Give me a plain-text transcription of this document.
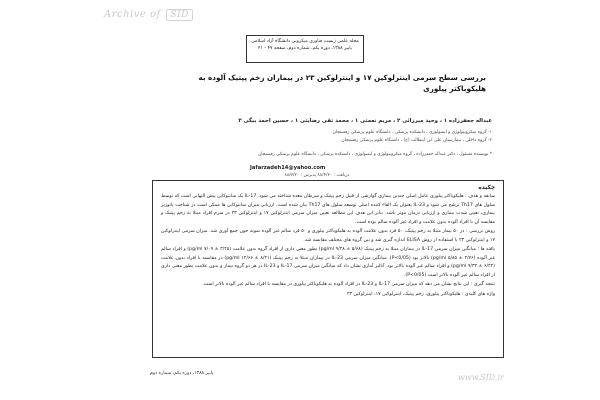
Archive of SID
مجله علمی زیست فناوری میکروبی دانشگاه آزاد اسلامی
پاییز ۱۳۸۸، دوره یکم، شماره دوم، صفحه ۴۷ - ۴۱
بررسی سطح سرمی اینترلوکین ۱۷ و اینترلوکین ۲۳ در بیماران زخم پپتیک آلوده به هلیکوباکتر پیلوری
عبداله جعفرزاده ۱ ، وحید میرزائی ۲ ، مریم نعمتی ۱ ، محمد تقی رضایتی ۱ ، حسین احمد بیگی ۲
۱- گروه میکروبیولوژی و ایمنولوژی ، دانشکده پزشکی ، دانشگاه علوم پزشکی رفسنجان
۲- گروه داخلی ، بیمارستان علی ابن ابیطالب (ع) ، دانشگاه علوم پزشکی رفسنجان
* نویسنده مسئول : دکتر عبداله جعفرزاده ، گروه میکروبیولوژی و ایمنولوژی ، دانشکده پزشکی ، دانشگاه علوم پزشکی رفسنجان
Jafarzadeh14@yahoo.com
دریافت : ۸۸/۴/۳۰ پذیرش : ۸۸/۷/۲۰
چکیده

سابقه و هدف : هلیکوباکتر پیلوری عامل اصلی چندین بیماری گوارشی از قبیل زخم پپتیک و سرطان معده شناخته می شود. IL-17 یک سایتوکاین پیش التهابی است که توسط سلول های Th17 ترشح می شود و IL-23 بعنوان یک القاء کننده اصلی توسعه سلول های Th17 بیان شده است. ارزیابی میزان سایتوکاین ها ممکن است در شناخت پاتوژنز بیماری، تعیین شدت بیماری و ارزیابی درمان موثر باشد. بنابر این هدف این مطالعه تعیین میزان سرمی اینترلوکین ۱۷ و اینترلوکین ۲۳ در سرم افراد مبتلا به زخم پپتیک و مقایسه آن با افراد آلوده بدون علامت و افراد غیر آلوده سالم بوده است.

روش بررسی : در ۵۰ بیمار مبتلا به زخم پپتیک، ۵۰ فرد بدون علامت آلوده به هلیکوباکتر پیلوری و ۵۰ فرد سالم غیر آلوده نمونه خون جمع آوری شد. میزان سرمی اینترلوکین ۱۷ و اینترلوکین ۲۳ با استفاده از روش ELISA اندازه گیری شد و بین گروه های مختلف مقایسه شد.

یافته ها : میانگین میزان سرمی IL-17 در بیماران مبتلا به زخم پپتیک (۵/۶۸ ± ۹/۲۸ pg/ml) بطور معنی داری از افراد گروه بدون علامت (۳/۴۵ ± ۷/۰۹ pg/ml) و افراد سالم غیر آلوده (۲/۷۶ ± ۵/۸۵ pg/ml) بالاتر بود (P<0/05). میانگین میزان سرمی IL-23 در بیماران مبتلا به زخم پپتیک (۸/۴۱ ± ۱۲/۶۶ pg/ml) در مقایسه با افراد بدون علامت (۶/۴۲ ± ۹/۳۴ pg/ml) و افراد سالم غیر آلوده بالاتر بود. آنالیز آماری نشان داد که میانگین میزان سرمی IL-17 و IL-23 در هر دو گروه بیمار و بدون علامت بطور معنی داری از افراد سالم غیر آلوده بالاتر است (P<0/05).

نتیجه گیری : این نتایج نشان می دهد که میزان سرمی IL-17 و IL-23 در افراد آلوده به هلیکوباکتر پیلوری در مقایسه با افراد سالم غیر آلوده بالاتر است.

واژه های کلیدی : هلیکوباکتر پیلوری، زخم پپتیک، اینترلوکین ۱۷، اینترلوکین ۲۳

پاییز ۱۳۸۸، دوره یکم، شماره دوم	www.SID.ir
